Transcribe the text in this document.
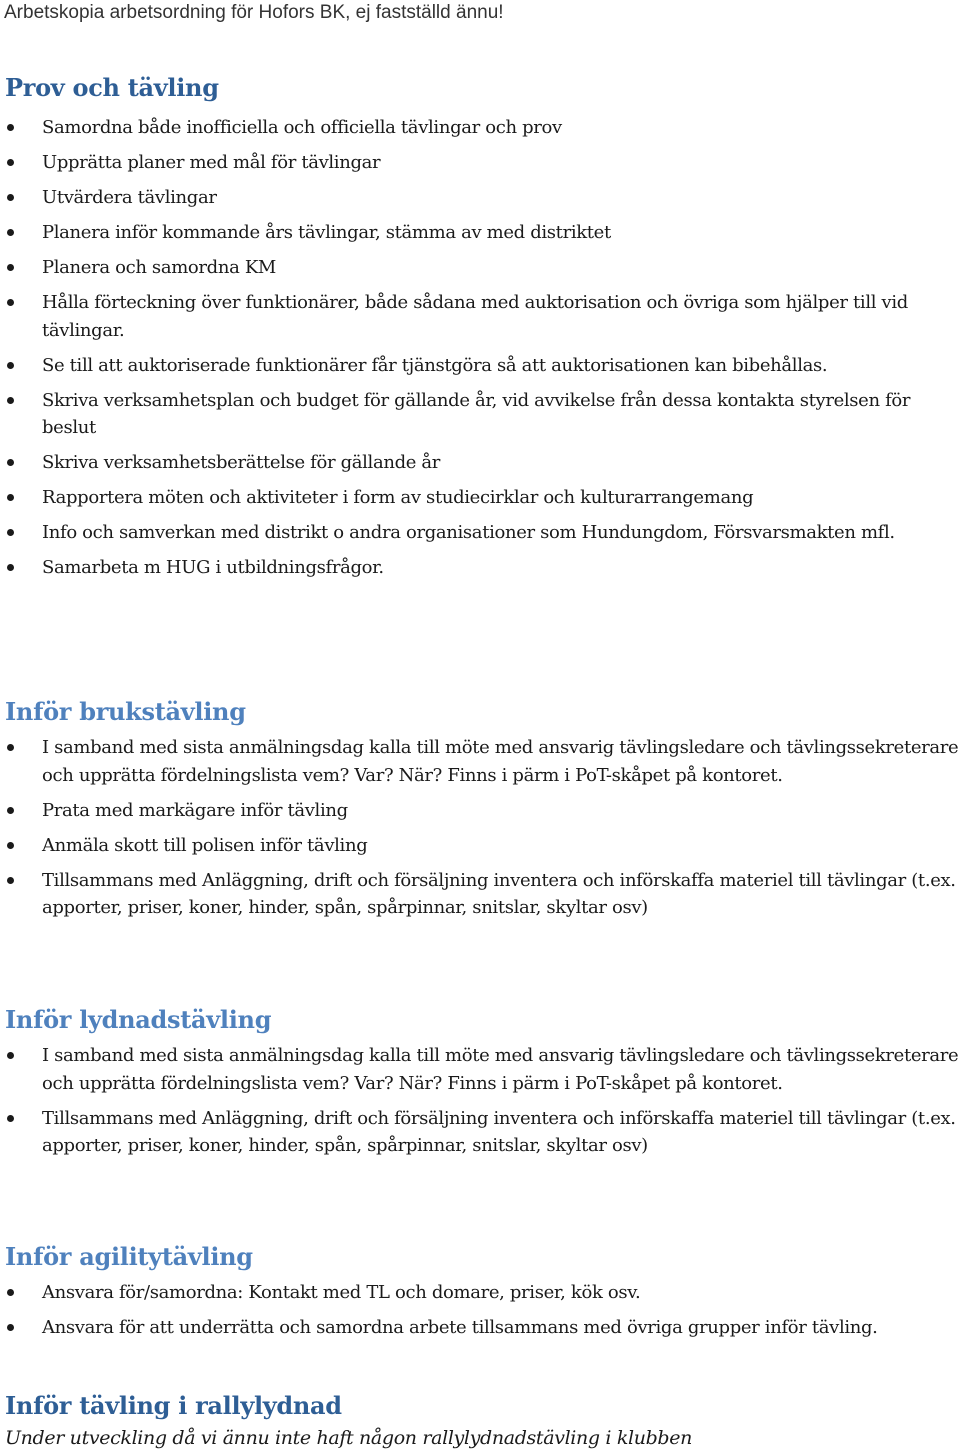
Arbetskopia arbetsordning för Hofors BK, ej fastställd ännu!
Prov och tävling
Samordna både inofficiella och officiella tävlingar och prov
Upprätta planer med mål för tävlingar
Utvärdera tävlingar
Planera inför kommande års tävlingar, stämma av med distriktet
Planera och samordna KM
Hålla förteckning över funktionärer, både sådana med auktorisation och övriga som hjälper till vid tävlingar.
Se till att auktoriserade funktionärer får tjänstgöra så att auktorisationen kan bibehållas.
Skriva verksamhetsplan och budget för gällande år, vid avvikelse från dessa kontakta styrelsen för beslut
Skriva verksamhetsberättelse för gällande år
Rapportera möten och aktiviteter i form av studiecirklar och kulturarrangemang
Info och samverkan med distrikt o andra organisationer som Hundungdom, Försvarsmakten mfl.
Samarbeta m HUG i utbildningsfrågor.
Inför brukstävling
I samband med sista anmälningsdag kalla till möte med ansvarig tävlingsledare och tävlingssekreterare och upprätta fördelningslista vem? Var? När? Finns i pärm i PoT-skåpet på kontoret.
Prata med markägare inför tävling
Anmäla skott till polisen inför tävling
Tillsammans med Anläggning, drift och försäljning inventera och införskaffa materiel till tävlingar (t.ex. apporter, priser, koner, hinder, spån, spårpinnar, snitslar, skyltar osv)
Inför lydnadstävling
I samband med sista anmälningsdag kalla till möte med ansvarig tävlingsledare och tävlingssekreterare och upprätta fördelningslista vem? Var? När? Finns i pärm i PoT-skåpet på kontoret.
Tillsammans med Anläggning, drift och försäljning inventera och införskaffa materiel till tävlingar (t.ex. apporter, priser, koner, hinder, spån, spårpinnar, snitslar, skyltar osv)
Inför agilitytävling
Ansvara för/samordna: Kontakt med TL och domare, priser, kök osv.
Ansvara för att underrätta och samordna arbete tillsammans med övriga grupper inför tävling.
Inför tävling i rallylydnad
Under utveckling då vi ännu inte haft någon rallylydnadstävling i klubben
